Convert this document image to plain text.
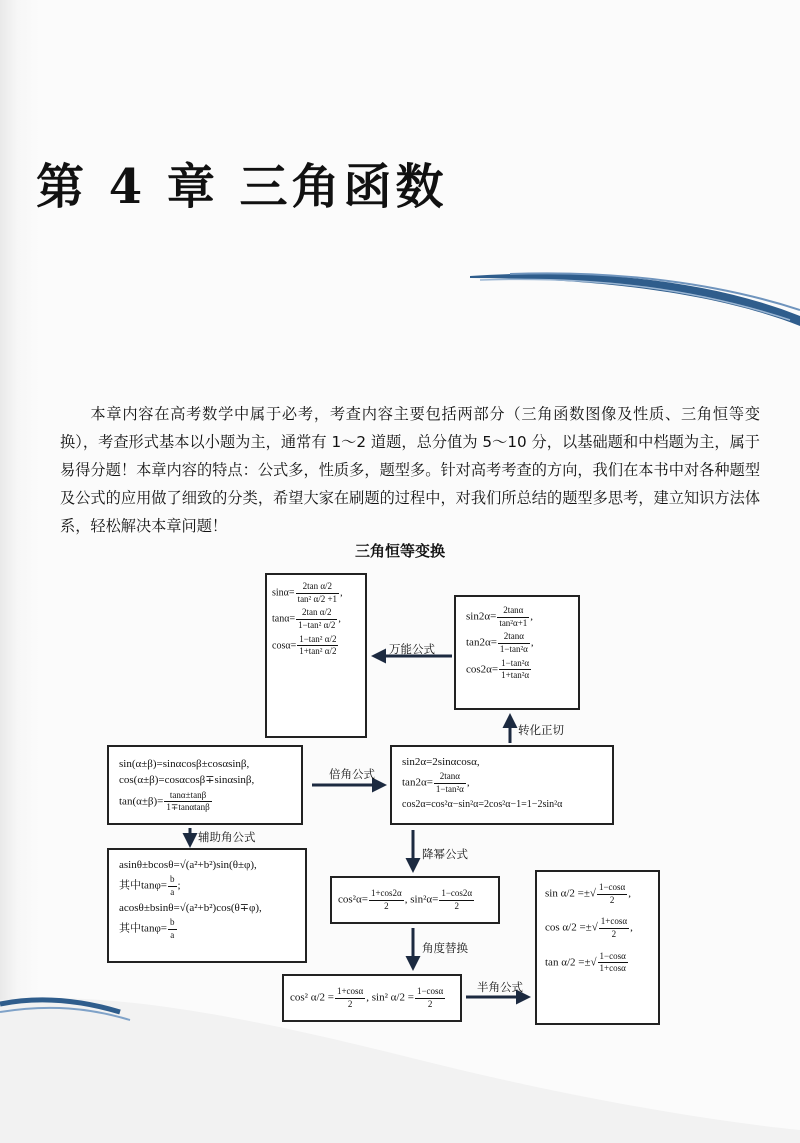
第 4 章 三角函数

本章内容在高考数学中属于必考，考查内容主要包括两部分（三角函数图像及性质、三角恒等变换），考查形式基本以小题为主，通常有 1～2 道题，总分值为 5～10 分，以基础题和中档题为主，属于易得分题！本章内容的特点：公式多，性质多，题型多。针对高考考查的方向，我们在本书中对各种题型及公式的应用做了细致的分类，希望大家在刷题的过程中，对我们所总结的题型多思考，建立知识方法体系，轻松解决本章问题！

三角恒等变换
$\sin\alpha= \frac{\text{2tan α/2}}{\text{tan² α/2 +1}}$ ,
$\tan\alpha= \frac{\text{2tan α/2}}{\text{1−tan² α/2}}$ ,
$\cos\alpha= \frac{\text{1−tan² α/2}}{\text{1+tan² α/2}}$
$\sin 2\alpha= \frac{2\tan\alpha}{\text{tan²α+1}}$ ,
$\tan 2\alpha= \frac{2\tan\alpha}{\text{1−tan²α}}$ ,
$\cos 2\alpha= \frac{\text{1−tan²α}}{\text{1+tan²α}}$
sin(α±β)=sinαcosβ±cosαsinβ,
cos(α±β)=cosαcosβ∓sinαsinβ,
$\tan(\alpha\pm\beta)= \frac{\tan\alpha\pm\tan\beta}{1\mp\tan\alpha\tan\beta}$
sin2α=2sinαcosα,
$\tan 2\alpha= \frac{2\tan\alpha}{\text{1−tan²α}}$ ,
cos2α=cos²α−sin²α=2cos²α−1=1−2sin²α
asinθ±bcosθ=√(a²+b²)sin(θ±φ),
其中$\tan\varphi= \frac{b}{a}$ ;
acosθ±bsinθ=√(a²+b²)cos(θ∓φ),
其中$\tan\varphi= \frac{b}{a}$
$\cos^2\alpha= \frac{1+\cos 2\alpha}{2}$ , $\sin^2\alpha= \frac{1-\cos 2\alpha}{2}$
cos² $\alpha/2 = \frac{1+\cos\alpha}{2}$ , sin² $\alpha/2 = \frac{1-\cos\alpha}{2}$
sin α/2 =±√ $\frac{1-\cos\alpha}{2}$ ,
cos α/2 =±√ $\frac{1+\cos\alpha}{2}$ ,
tan α/2 =±√ $\frac{1-\cos\alpha}{1+\cos\alpha}$
万能公式
转化正切
倍角公式
辅助角公式
降幂公式
角度替换
半角公式
